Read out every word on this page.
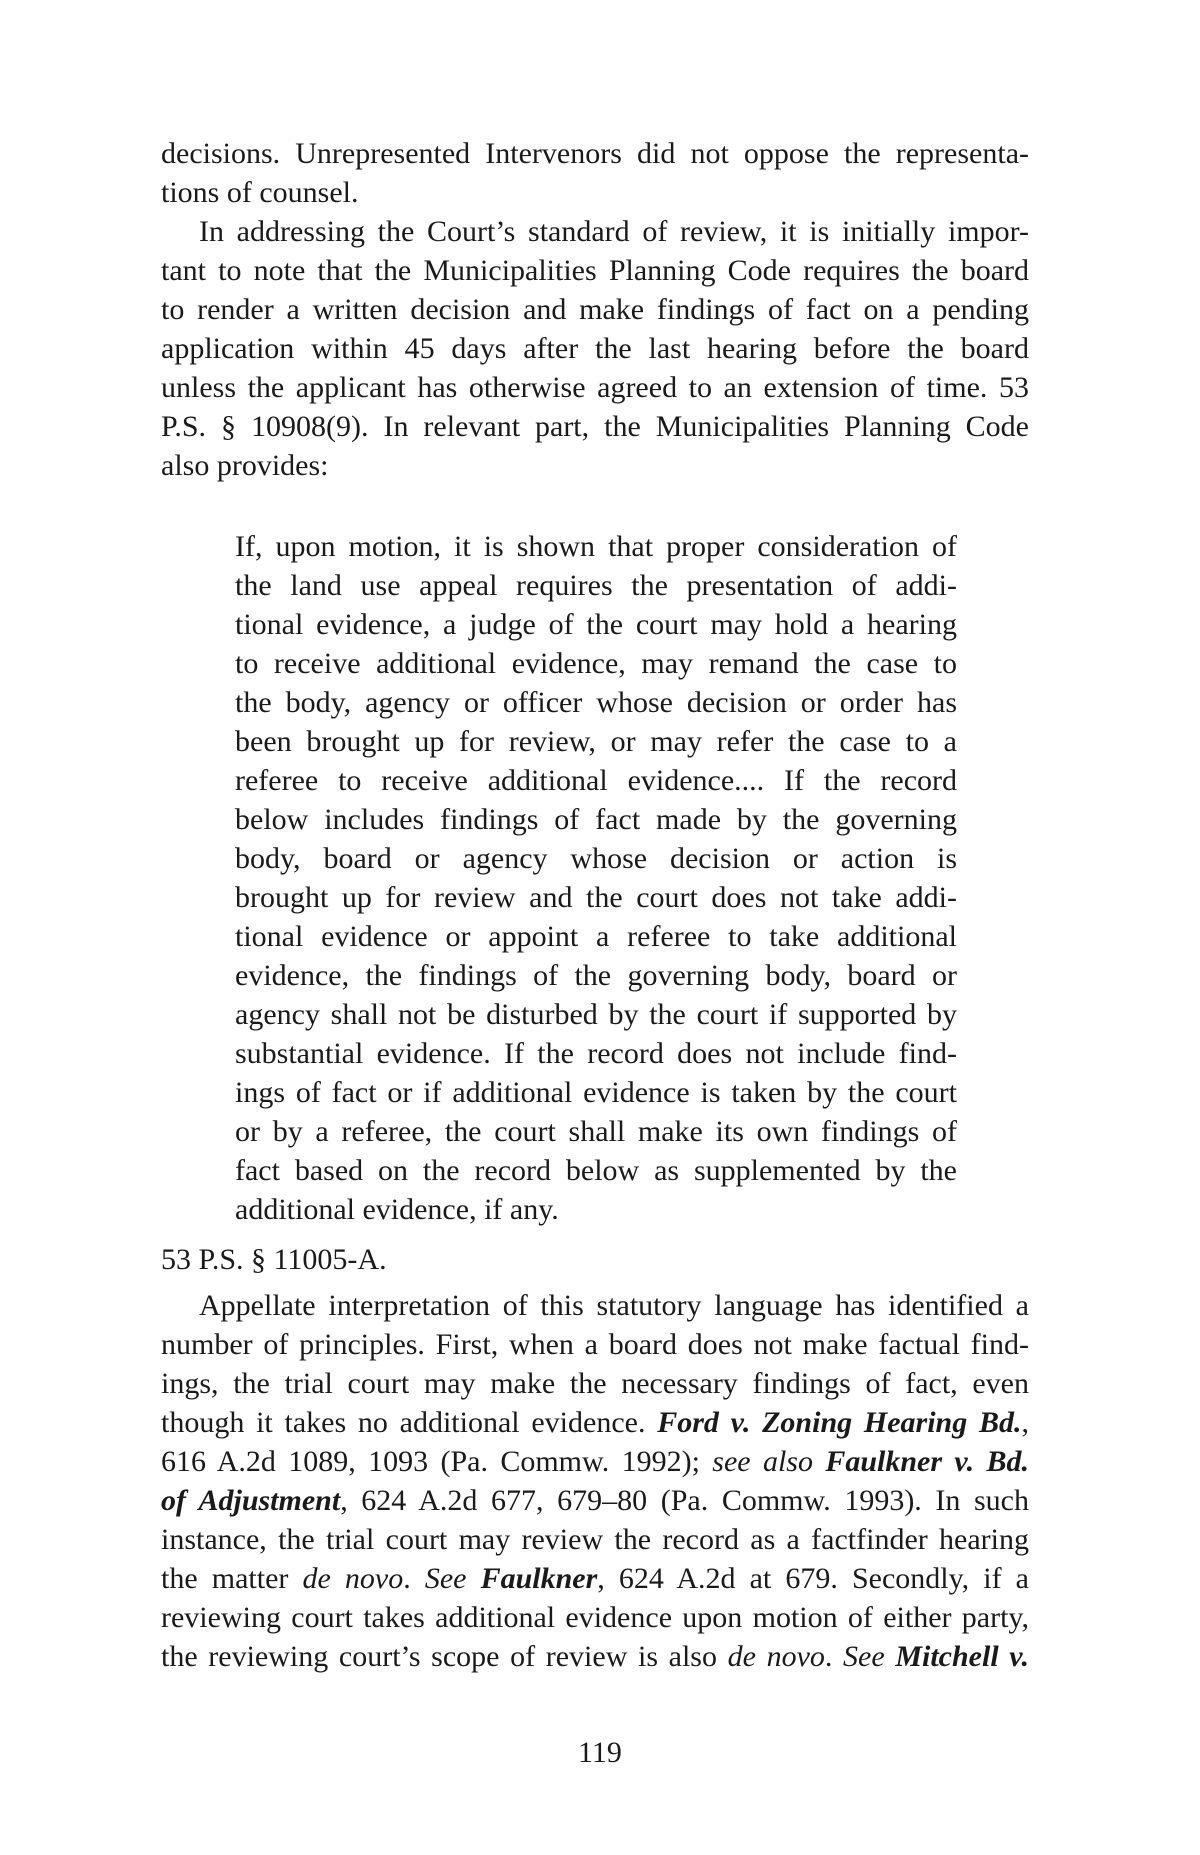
decisions. Unrepresented Intervenors did not oppose the representa-
tions of counsel.
In addressing the Court’s standard of review, it is initially impor-
tant to note that the Municipalities Planning Code requires the board
to render a written decision and make findings of fact on a pending
application within 45 days after the last hearing before the board
unless the applicant has otherwise agreed to an extension of time. 53
P.S. § 10908(9). In relevant part, the Municipalities Planning Code
also provides:
If, upon motion, it is shown that proper consideration of
the land use appeal requires the presentation of addi-
tional evidence, a judge of the court may hold a hearing
to receive additional evidence, may remand the case to
the body, agency or officer whose decision or order has
been brought up for review, or may refer the case to a
referee to receive additional evidence.... If the record
below includes findings of fact made by the governing
body, board or agency whose decision or action is
brought up for review and the court does not take addi-
tional evidence or appoint a referee to take additional
evidence, the findings of the governing body, board or
agency shall not be disturbed by the court if supported by
substantial evidence. If the record does not include find-
ings of fact or if additional evidence is taken by the court
or by a referee, the court shall make its own findings of
fact based on the record below as supplemented by the
additional evidence, if any.
53 P.S. § 11005-A.
Appellate interpretation of this statutory language has identified a
number of principles. First, when a board does not make factual find-
ings, the trial court may make the necessary findings of fact, even
though it takes no additional evidence. Ford v. Zoning Hearing Bd.,
616 A.2d 1089, 1093 (Pa. Commw. 1992); see also Faulkner v. Bd.
of Adjustment, 624 A.2d 677, 679–80 (Pa. Commw. 1993). In such
instance, the trial court may review the record as a factfinder hearing
the matter de novo. See Faulkner, 624 A.2d at 679. Secondly, if a
reviewing court takes additional evidence upon motion of either party,
the reviewing court’s scope of review is also de novo. See Mitchell v.
119
